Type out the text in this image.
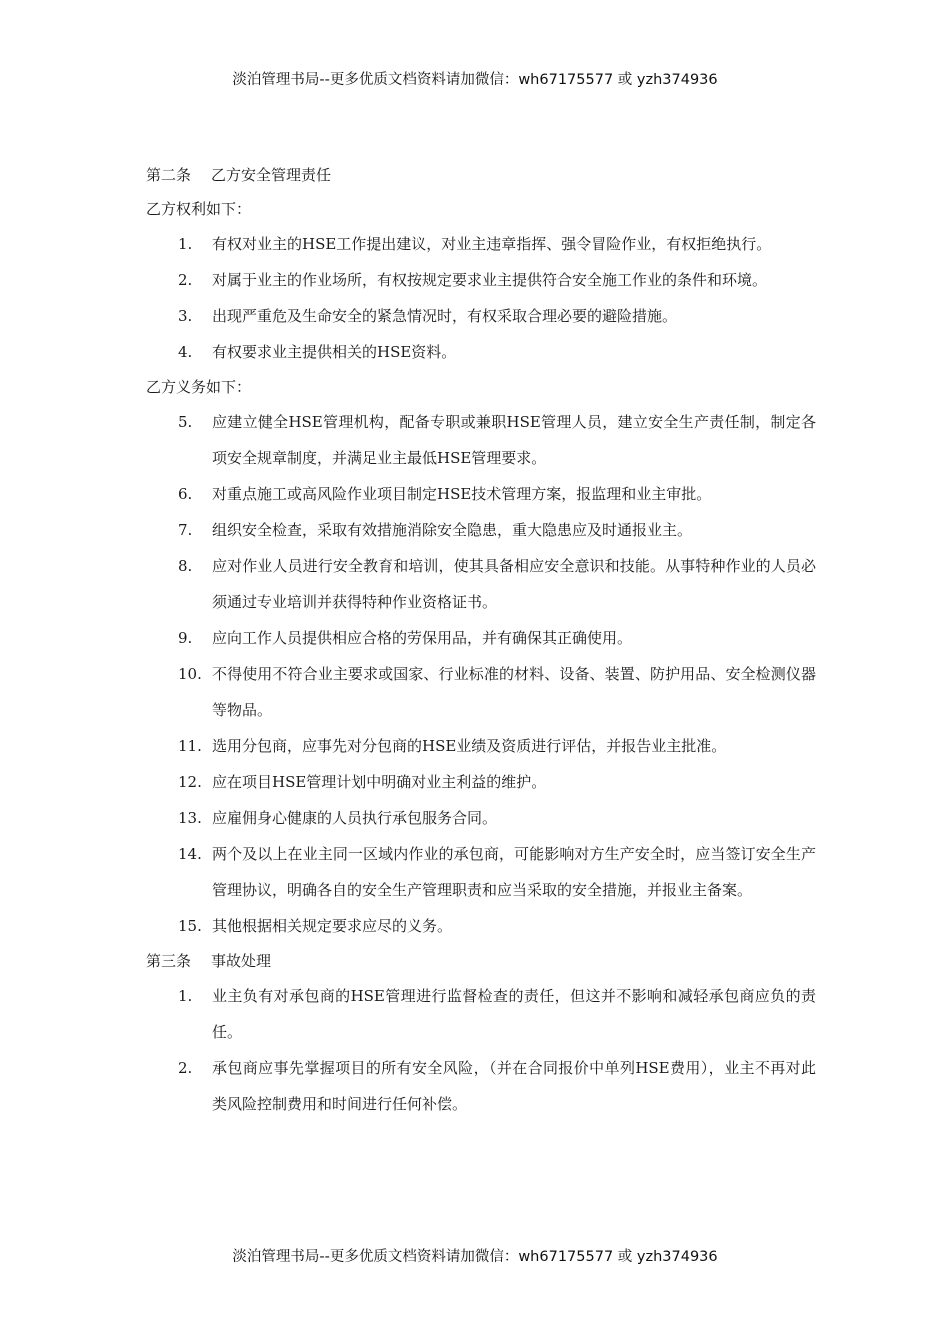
淡泊管理书局--更多优质文档资料请加微信：wh67175577 或 yzh374936
第二条 乙方安全管理责任
乙方权利如下：
1. 有权对业主的HSE工作提出建议，对业主违章指挥、强令冒险作业，有权拒绝执行。
2. 对属于业主的作业场所，有权按规定要求业主提供符合安全施工作业的条件和环境。
3. 出现严重危及生命安全的紧急情况时，有权采取合理必要的避险措施。
4. 有权要求业主提供相关的HSE资料。
乙方义务如下：
5. 应建立健全HSE管理机构，配备专职或兼职HSE管理人员，建立安全生产责任制，制定各项安全规章制度，并满足业主最低HSE管理要求。
6. 对重点施工或高风险作业项目制定HSE技术管理方案，报监理和业主审批。
7. 组织安全检查，采取有效措施消除安全隐患，重大隐患应及时通报业主。
8. 应对作业人员进行安全教育和培训，使其具备相应安全意识和技能。从事特种作业的人员必须通过专业培训并获得特种作业资格证书。
9. 应向工作人员提供相应合格的劳保用品，并有确保其正确使用。
10. 不得使用不符合业主要求或国家、行业标准的材料、设备、装置、防护用品、安全检测仪器等物品。
11. 选用分包商，应事先对分包商的HSE业绩及资质进行评估，并报告业主批准。
12. 应在项目HSE管理计划中明确对业主利益的维护。
13. 应雇佣身心健康的人员执行承包服务合同。
14. 两个及以上在业主同一区域内作业的承包商，可能影响对方生产安全时，应当签订安全生产管理协议，明确各自的安全生产管理职责和应当采取的安全措施，并报业主备案。
15. 其他根据相关规定要求应尽的义务。
第三条 事故处理
1. 业主负有对承包商的HSE管理进行监督检查的责任，但这并不影响和减轻承包商应负的责任。
2. 承包商应事先掌握项目的所有安全风险，（并在合同报价中单列HSE费用），业主不再对此类风险控制费用和时间进行任何补偿。
淡泊管理书局--更多优质文档资料请加微信：wh67175577 或 yzh374936
